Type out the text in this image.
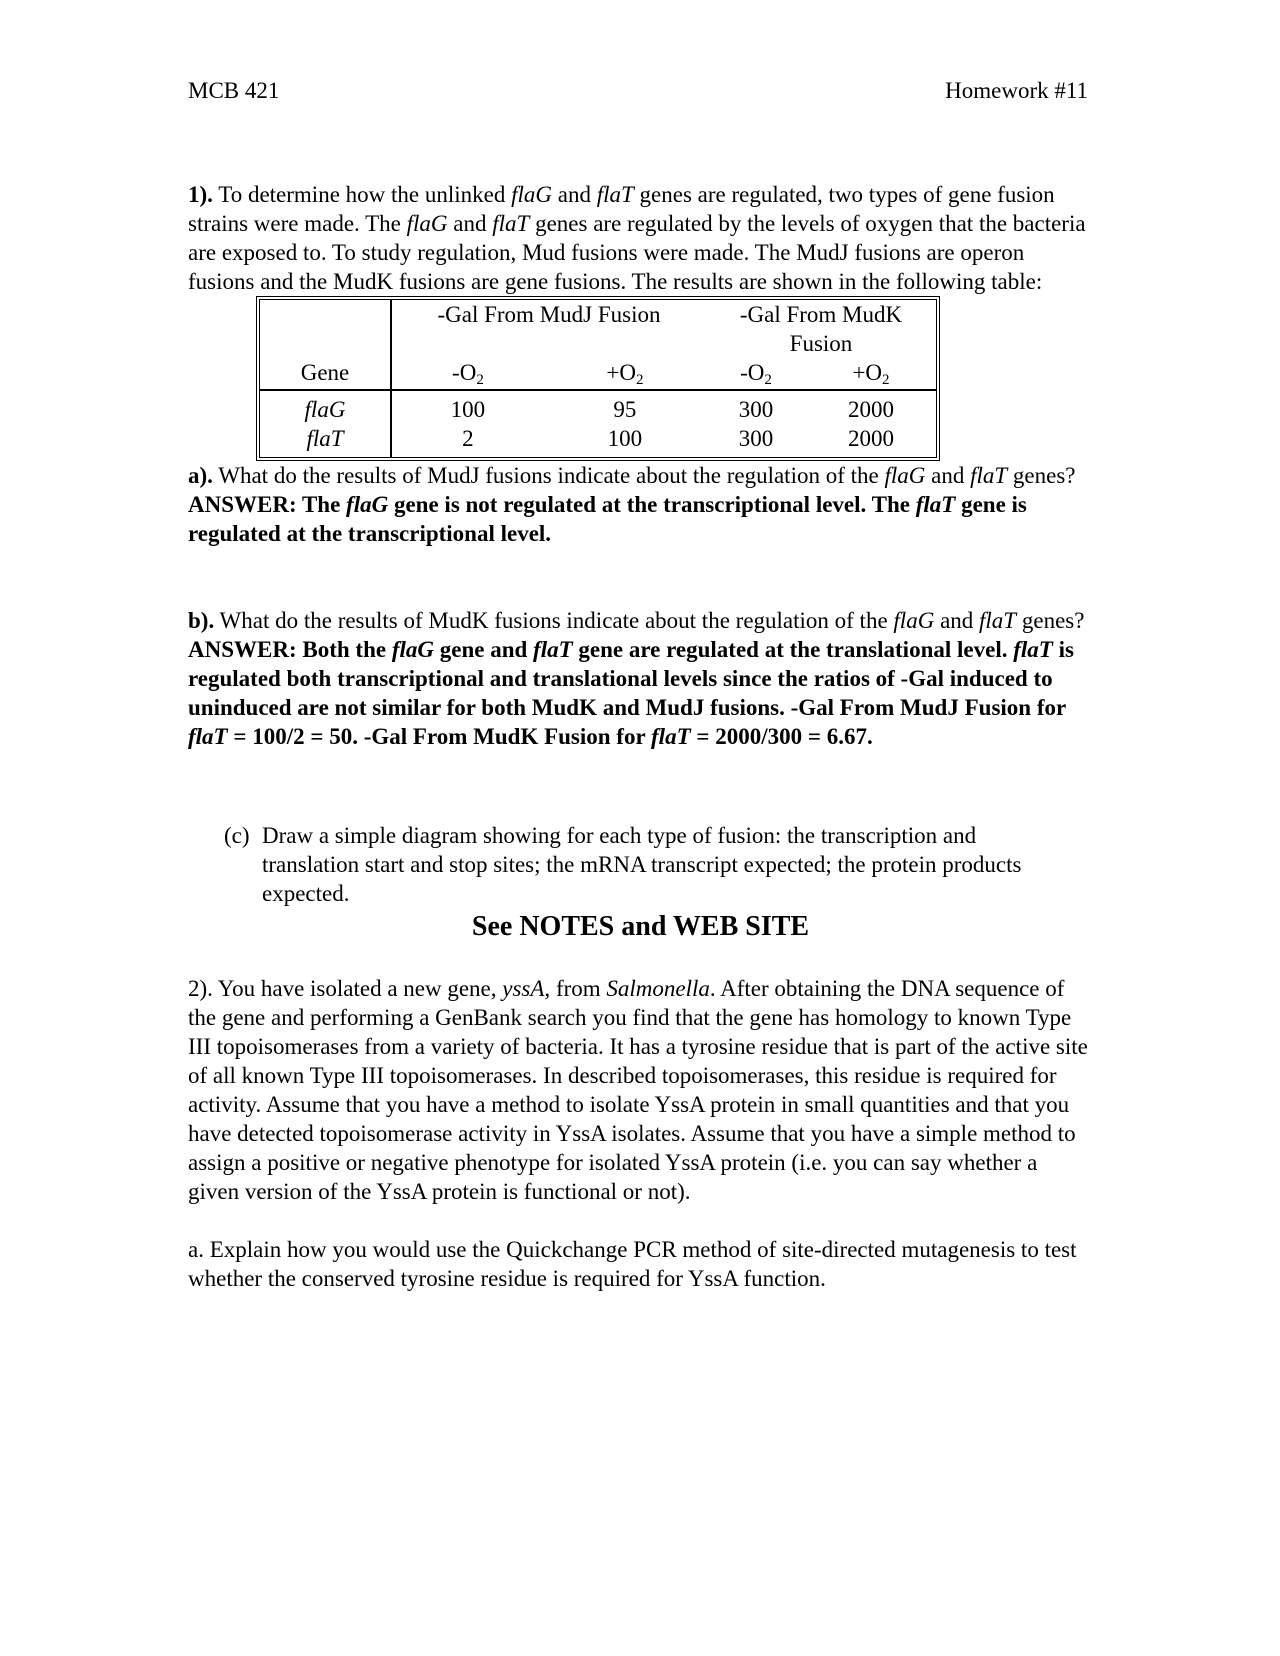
MCB 421	Homework #11

1). To determine how the unlinked flaG and flaT genes are regulated, two types of gene fusion strains were made. The flaG and flaT genes are regulated by the levels of oxygen that the bacteria are exposed to. To study regulation, Mud fusions were made. The MudJ fusions are operon fusions and the MudK fusions are gene fusions. The results are shown in the following table:

	-Gal From MudJ Fusion		-Gal From MudK
Fusion	
Gene	$-O_2$	$+O_2$	$-O_2$	$+O_2$
flaG	100	95	300	2000
flaT	2	100	300	2000

a). What do the results of MudJ fusions indicate about the regulation of the flaG and flaT genes?

ANSWER: The flaG gene is not regulated at the transcriptional level. The flaT gene is regulated at the transcriptional level.

b). What do the results of MudK fusions indicate about the regulation of the flaG and flaT genes?

ANSWER: Both the flaG gene and flaT gene are regulated at the translational level. flaT is regulated both transcriptional and translational levels since the ratios of -Gal induced to uninduced are not similar for both MudK and MudJ fusions. -Gal From MudJ Fusion for flaT = 100/2 = 50. -Gal From MudK Fusion for flaT = 2000/300 = 6.67.

(c) Draw a simple diagram showing for each type of fusion: the transcription and translation start and stop sites; the mRNA transcript expected; the protein products expected.

See NOTES and WEB SITE

2). You have isolated a new gene, yssA, from Salmonella. After obtaining the DNA sequence of the gene and performing a GenBank search you find that the gene has homology to known Type III topoisomerases from a variety of bacteria. It has a tyrosine residue that is part of the active site of all known Type III topoisomerases. In described topoisomerases, this residue is required for activity. Assume that you have a method to isolate YssA protein in small quantities and that you have detected topoisomerase activity in YssA isolates. Assume that you have a simple method to assign a positive or negative phenotype for isolated YssA protein (i.e. you can say whether a given version of the YssA protein is functional or not).

a. Explain how you would use the Quickchange PCR method of site-directed mutagenesis to test whether the conserved tyrosine residue is required for YssA function.
